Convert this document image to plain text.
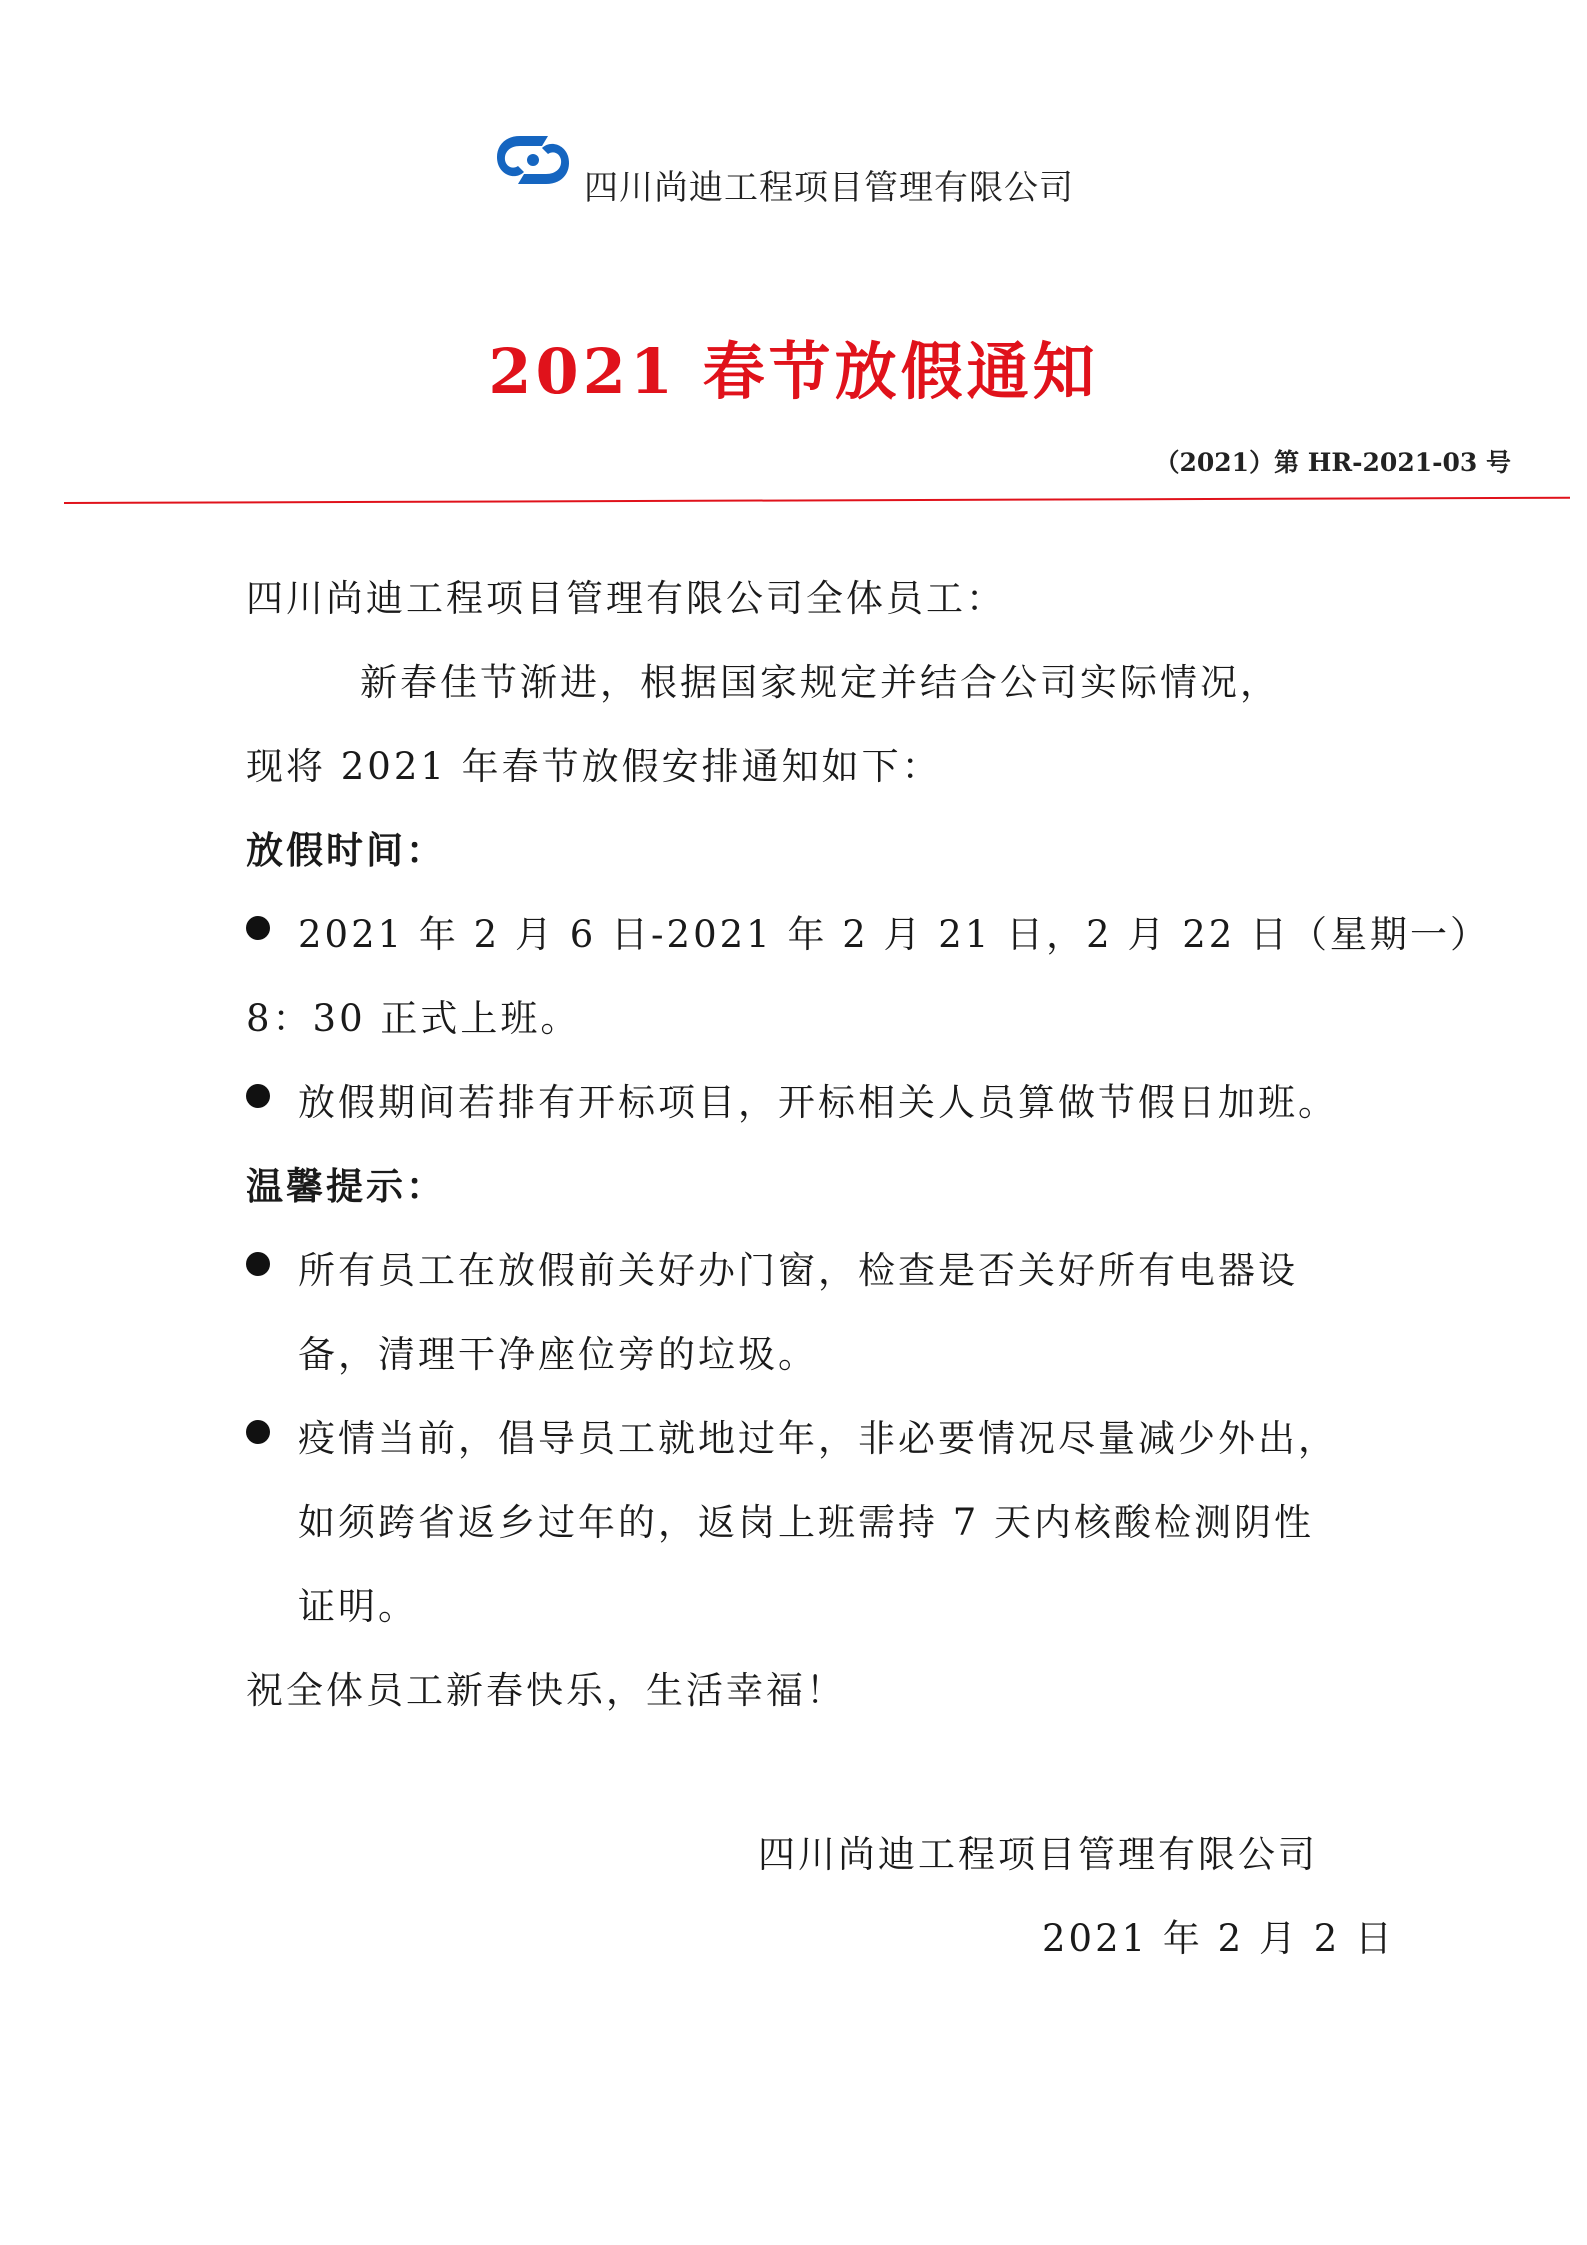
四川尚迪工程项目管理有限公司
2021 春节放假通知
（2021）第 HR-2021-03 号
四川尚迪工程项目管理有限公司全体员工：
新春佳节渐进，根据国家规定并结合公司实际情况，
现将 2021 年春节放假安排通知如下：
放假时间：
2021 年 2 月 6 日-2021 年 2 月 21 日，2 月 22 日（星期一）
8：30 正式上班。
放假期间若排有开标项目，开标相关人员算做节假日加班。
温馨提示：
所有员工在放假前关好办门窗，检查是否关好所有电器设
备，清理干净座位旁的垃圾。
疫情当前，倡导员工就地过年，非必要情况尽量减少外出，
如须跨省返乡过年的，返岗上班需持 7 天内核酸检测阴性
证明。
祝全体员工新春快乐，生活幸福！
四川尚迪工程项目管理有限公司
2021 年 2 月 2 日
